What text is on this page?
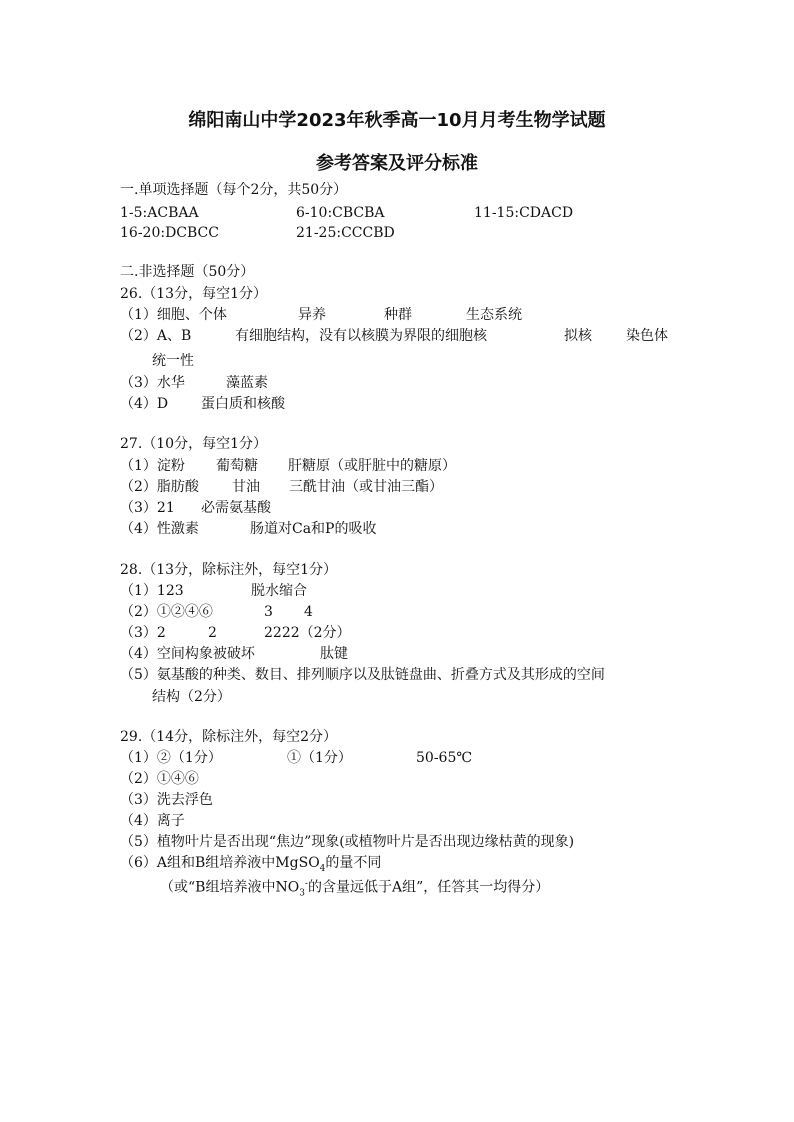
绵阳南山中学2023年秋季高一10月月考生物学试题
参考答案及评分标准
一.单项选择题（每个2分，共50分）
1-5:ACBAA	6-10:CBCBA	11-15:CDACD
16-20:DCBCC	21-25:CCCBD
二.非选择题（50分）
26.（13分，每空1分）
（1）细胞、个体	异养	种群	生态系统
（2）A、B	有细胞结构，没有以核膜为界限的细胞核	拟核 染色体
统一性
（3）水华	藻蓝素
（4）D 蛋白质和核酸
27.（10分，每空1分）
（1）淀粉 葡萄糖 肝糖原（或肝脏中的糖原）
（2）脂肪酸 甘油 三酰甘油（或甘油三酯）
（3）21 必需氨基酸
（4）性激素	肠道对Ca和P的吸收
28.（13分，除标注外，每空1分）
（1）123	脱水缩合
（2）①②④⑥	3 4
（3）2	2	2222（2分）
（4）空间构象被破坏	肽键
（5）氨基酸的种类、数目、排列顺序以及肽链盘曲、折叠方式及其形成的空间
结构（2分）
29.（14分，除标注外，每空2分）
（1）②（1分）	①（1分）	50-65℃
（2）①④⑥
（3）洗去浮色
（4）离子
（5）植物叶片是否出现“焦边”现象(或植物叶片是否出现边缘枯黄的现象)
（6）A组和B组培养液中MgSO$_4$的量不同
（或“B组培养液中$NO_3^-$的含量远低于A组”，任答其一均得分）
